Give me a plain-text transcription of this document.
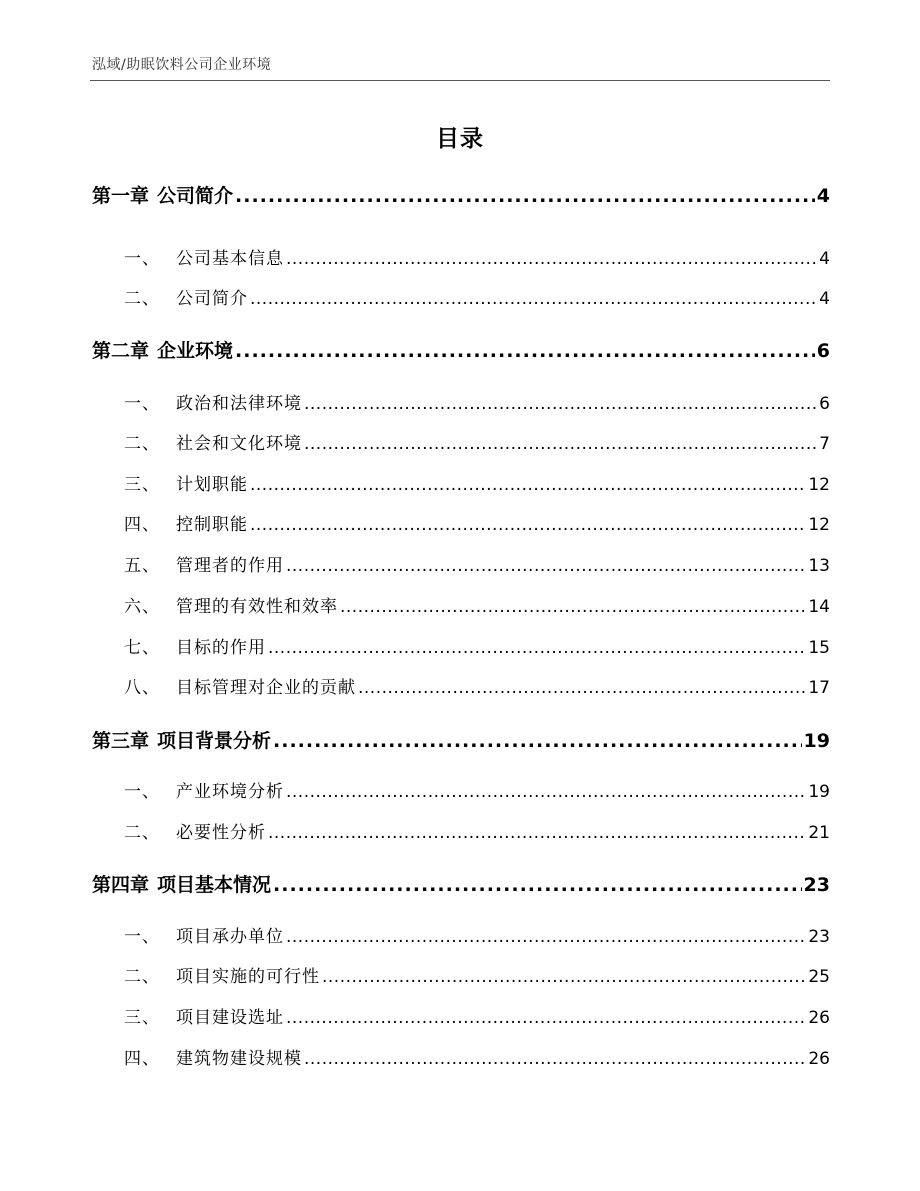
泓域/助眠饮料公司企业环境
目录
第一章 公司简介 .....	4
一、 公司基本信息 .....	4
二、 公司简介 .....	4
第二章 企业环境 .....	6
一、 政治和法律环境 .....	6
二、 社会和文化环境 .....	7
三、 计划职能 .....	12
四、 控制职能 .....	12
五、 管理者的作用 .....	13
六、 管理的有效性和效率 .....	14
七、 目标的作用 .....	15
八、 目标管理对企业的贡献 .....	17
第三章 项目背景分析 .....	19
一、 产业环境分析 .....	19
二、 必要性分析 .....	21
第四章 项目基本情况 .....	23
一、 项目承办单位 .....	23
二、 项目实施的可行性 .....	25
三、 项目建设选址 .....	26
四、 建筑物建设规模 .....	26
